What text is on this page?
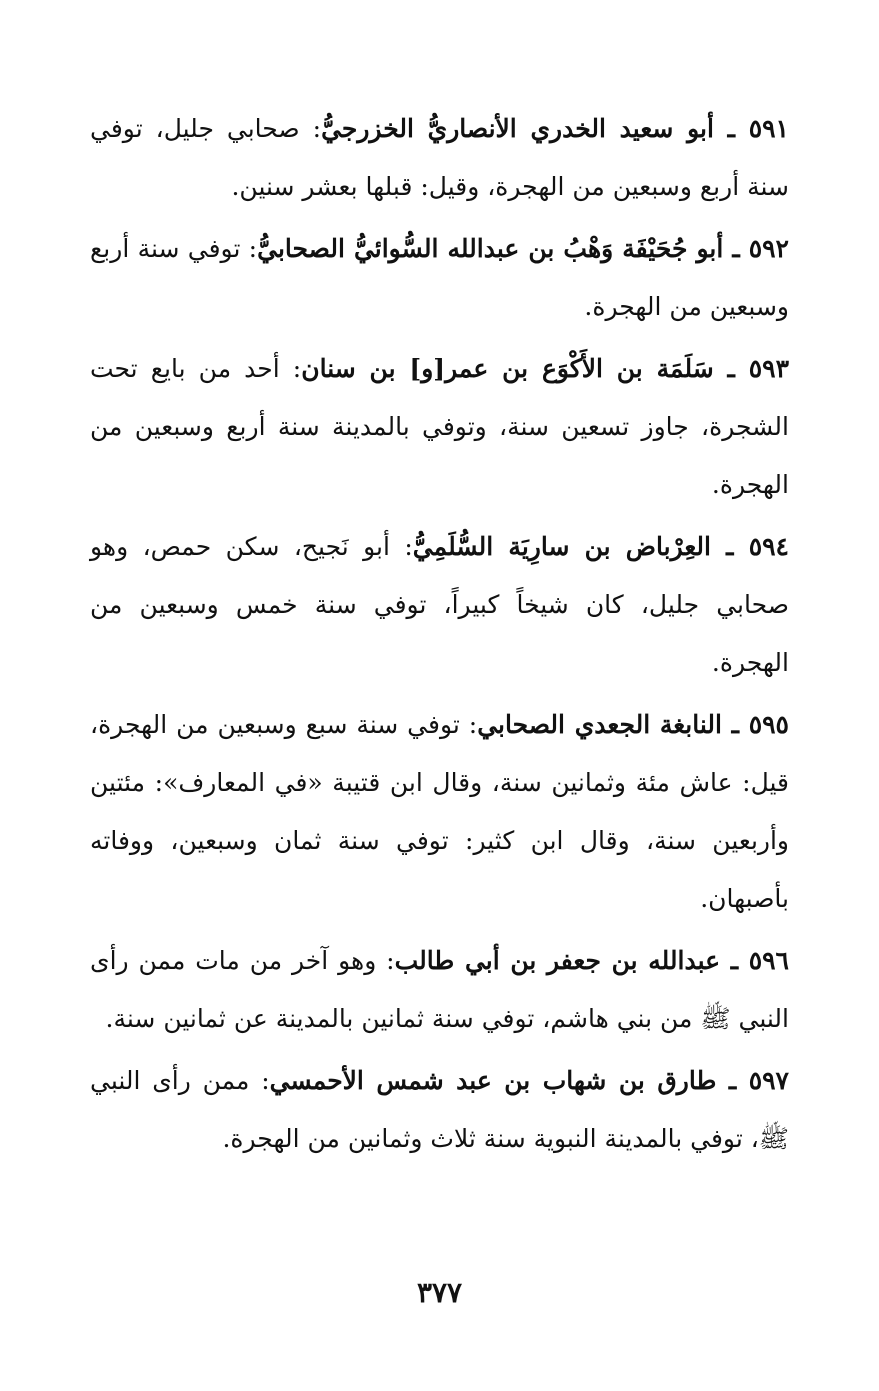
٥٩١ ـ أبو سعيد الخدري الأنصاريُّ الخزرجيُّ: صحابي جليل، توفي سنة أربع وسبعين من الهجرة، وقيل: قبلها بعشر سنين.

٥٩٢ ـ أبو جُحَيْفَة وَهْبُ بن عبدالله السُّوائيُّ الصحابيُّ: توفي سنة أربع وسبعين من الهجرة.

٥٩٣ ـ سَلَمَة بن الأَكْوَع بن عمر[و] بن سنان: أحد من بايع تحت الشجرة، جاوز تسعين سنة، وتوفي بالمدينة سنة أربع وسبعين من الهجرة.

٥٩٤ ـ العِرْباض بن سارِيَة السُّلَمِيُّ: أبو نَجيح، سكن حمص، وهو صحابي جليل، كان شيخاً كبيراً، توفي سنة خمس وسبعين من الهجرة.

٥٩٥ ـ النابغة الجعدي الصحابي: توفي سنة سبع وسبعين من الهجرة، قيل: عاش مئة وثمانين سنة، وقال ابن قتيبة «في المعارف»: مئتين وأربعين سنة، وقال ابن كثير: توفي سنة ثمان وسبعين، ووفاته بأصبهان.

٥٩٦ ـ عبدالله بن جعفر بن أبي طالب: وهو آخر من مات ممن رأى النبي ﷺ من بني هاشم، توفي سنة ثمانين بالمدينة عن ثمانين سنة.

٥٩٧ ـ طارق بن شهاب بن عبد شمس الأحمسي: ممن رأى النبي ﷺ، توفي بالمدينة النبوية سنة ثلاث وثمانين من الهجرة.

٣٧٧
